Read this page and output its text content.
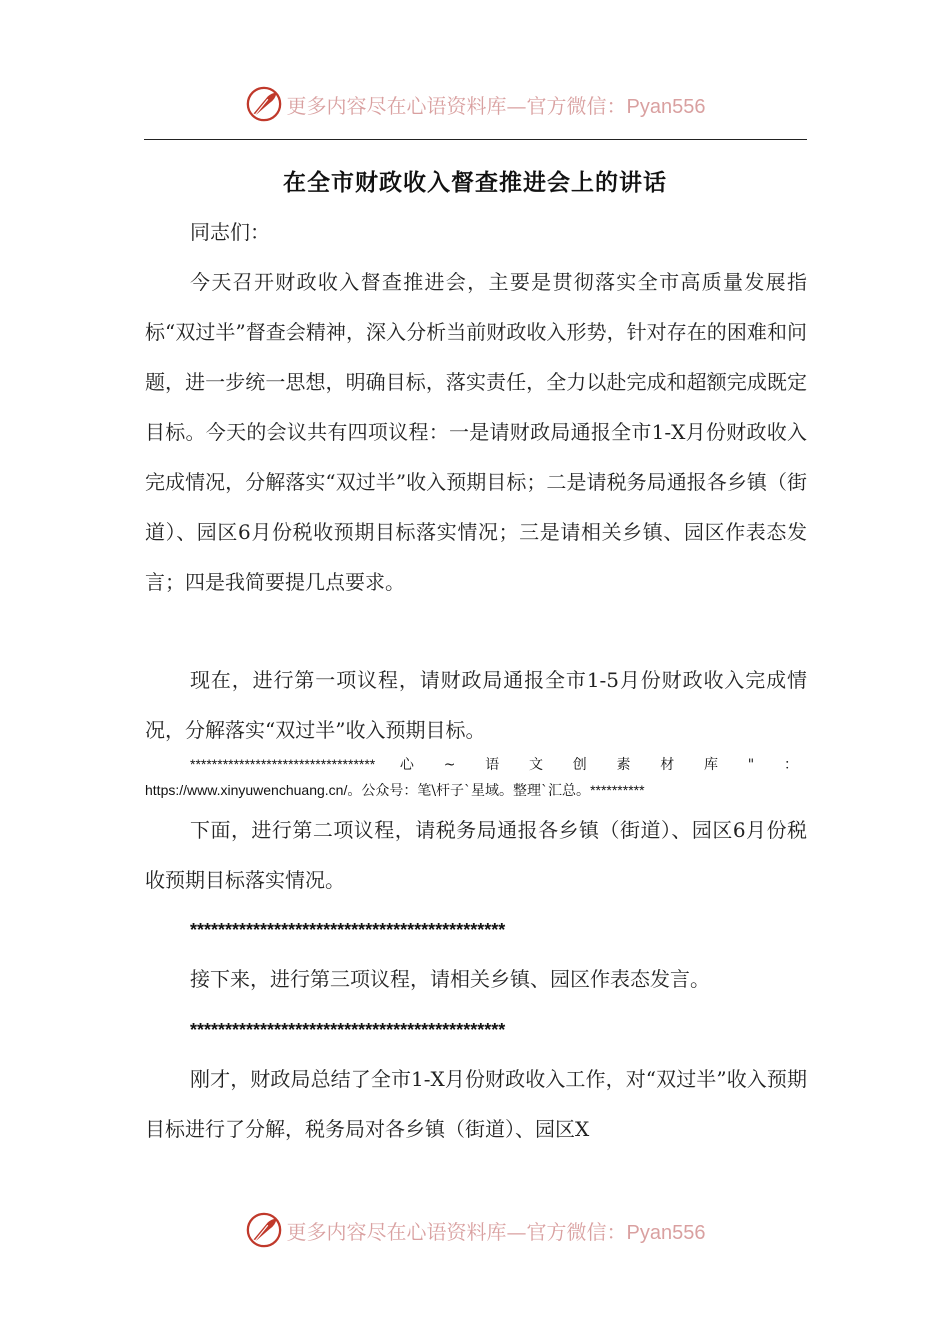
更多内容尽在心语资料库—官方微信：Pyan556
在全市财政收入督查推进会上的讲话

同志们：

今天召开财政收入督查推进会，主要是贯彻落实全市高质量发展指标“双过半”督查会精神，深入分析当前财政收入形势，针对存在的困难和问题，进一步统一思想，明确目标，落实责任，全力以赴完成和超额完成既定目标。今天的会议共有四项议程：一是请财政局通报全市1-X月份财政收入完成情况，分解落实“双过半”收入预期目标；二是请税务局通报各乡镇（街道）、园区6月份税收预期目标落实情况；三是请相关乡镇、园区作表态发言；四是我简要提几点要求。

现在，进行第一项议程，请财政局通报全市1-5月份财政收入完成情况，分解落实“双过半”收入预期目标。

********************************** 心~语文创素材库"： https://www.xinyuwenchuang.cn/。公众号：笔\杆子`星域。整理`汇总。**********

下面，进行第二项议程，请税务局通报各乡镇（街道）、园区6月份税收预期目标落实情况。

*********************************************

接下来，进行第三项议程，请相关乡镇、园区作表态发言。

*********************************************

刚才，财政局总结了全市1-X月份财政收入工作，对“双过半”收入预期目标进行了分解，税务局对各乡镇（街道）、园区X

更多内容尽在心语资料库—官方微信：Pyan556
